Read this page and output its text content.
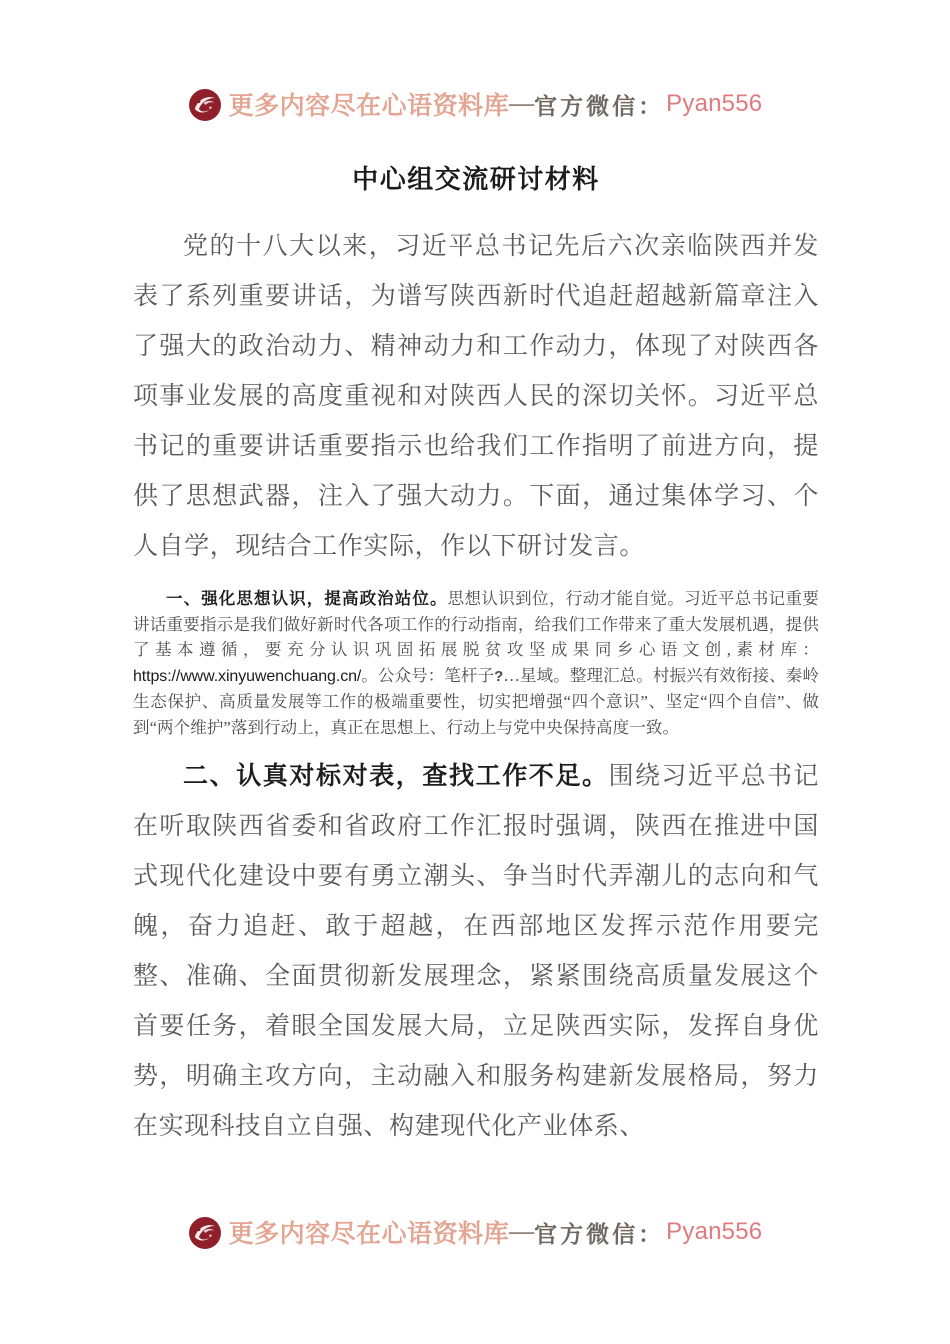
更多内容尽在心语资料库 — 官方微信： Pyan556
中心组交流研讨材料

党的十八大以来，习近平总书记先后六次亲临陕西并发表了系列重要讲话，为谱写陕西新时代追赶超越新篇章注入了强大的政治动力、精神动力和工作动力，体现了对陕西各项事业发展的高度重视和对陕西人民的深切关怀。习近平总书记的重要讲话重要指示也给我们工作指明了前进方向，提供了思想武器，注入了强大动力。下面，通过集体学习、个人自学，现结合工作实际，作以下研讨发言。

一、强化思想认识，提高政治站位。思想认识到位，行动才能自觉。习近平总书记重要讲话重要指示是我们做好新时代各项工作的行动指南，给我们工作带来了重大发展机遇，提供了基本遵循，要充分认识巩固拓展脱贫攻坚成果同乡心语文创,素材库：https://www.xinyuwenchuang.cn/。公众号：笔杆子?…星域。整理汇总。村振兴有效衔接、秦岭生态保护、高质量发展等工作的极端重要性，切实把增强“四个意识”、坚定“四个自信”、做到“两个维护”落到行动上，真正在思想上、行动上与党中央保持高度一致。

二、认真对标对表，查找工作不足。围绕习近平总书记在听取陕西省委和省政府工作汇报时强调，陕西在推进中国式现代化建设中要有勇立潮头、争当时代弄潮儿的志向和气魄，奋力追赶、敢于超越，在西部地区发挥示范作用要完整、准确、全面贯彻新发展理念，紧紧围绕高质量发展这个首要任务，着眼全国发展大局，立足陕西实际，发挥自身优势，明确主攻方向，主动融入和服务构建新发展格局，努力在实现科技自立自强、构建现代化产业体系、

更多内容尽在心语资料库 — 官方微信： Pyan556
